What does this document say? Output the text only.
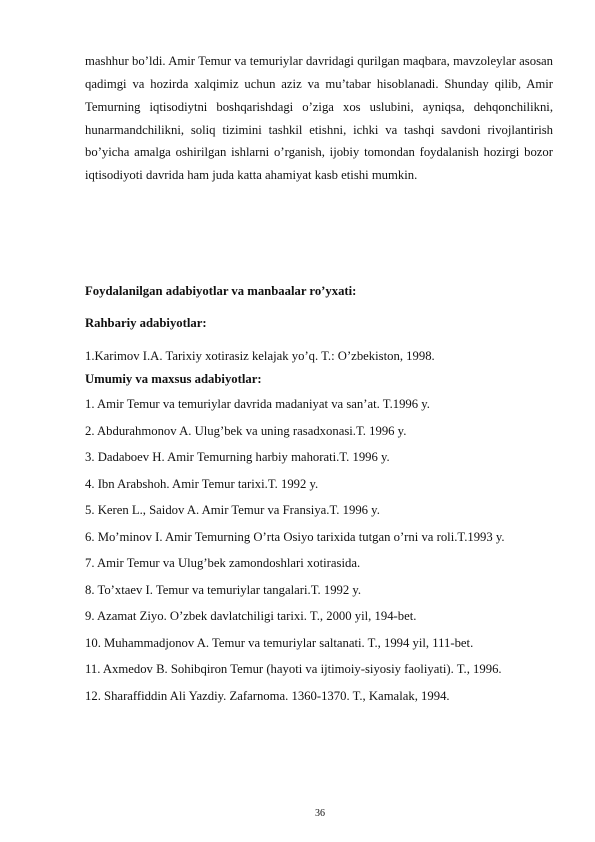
mashhur bo’ldi. Amir Temur va temuriylar davridagi qurilgan maqbara, mavzoleylar asosan qadimgi va hozirda xalqimiz uchun aziz va mu’tabar hisoblanadi. Shunday qilib, Amir Temurning iqtisodiytni boshqarishdagi o’ziga xos uslubini, ayniqsa, dehqonchilikni, hunarmandchilikni, soliq tizimini tashkil etishni, ichki va tashqi savdoni rivojlantirish bo’yicha amalga oshirilgan ishlarni o’rganish, ijobiy tomondan foydalanish hozirgi bozor iqtisodiyoti davrida ham juda katta ahamiyat kasb etishi mumkin.

Foydalanilgan adabiyotlar va manbaalar ro’yxati:

Rahbariy adabiyotlar:

1.Karimov I.A. Tarixiy xotirasiz kelajak yo’q. T.: O’zbekiston, 1998.

Umumiy va maxsus adabiyotlar:

1. Amir Temur va temuriylar davrida madaniyat va san’at. T.1996 y.
2. Abdurahmonov A. Ulug’bek va uning rasadxonasi.T. 1996 y.
3. Dadaboev H. Amir Temurning harbiy mahorati.T. 1996 y.
4. Ibn Arabshoh. Amir Temur tarixi.T. 1992 y.
5. Keren L., Saidov A. Amir Temur va Fransiya.T. 1996 y.
6. Mo’minov I. Amir Temurning O’rta Osiyo tarixida tutgan o’rni va roli.T.1993 y.
7. Amir Temur va Ulug’bek zamondoshlari xotirasida.
8. To’xtaev I. Temur va temuriylar tangalari.T. 1992 y.
9. Azamat Ziyo. O’zbek davlatchiligi tarixi. T., 2000 yil, 194-bet.
10. Muhammadjonov A. Temur va temuriylar saltanati. T., 1994 yil, 111-bet.
11. Axmedov B. Sohibqiron Temur (hayoti va ijtimoiy-siyosiy faoliyati). T., 1996.
12. Sharaffiddin Ali Yazdiy. Zafarnoma. 1360-1370. T., Kamalak, 1994.
36
